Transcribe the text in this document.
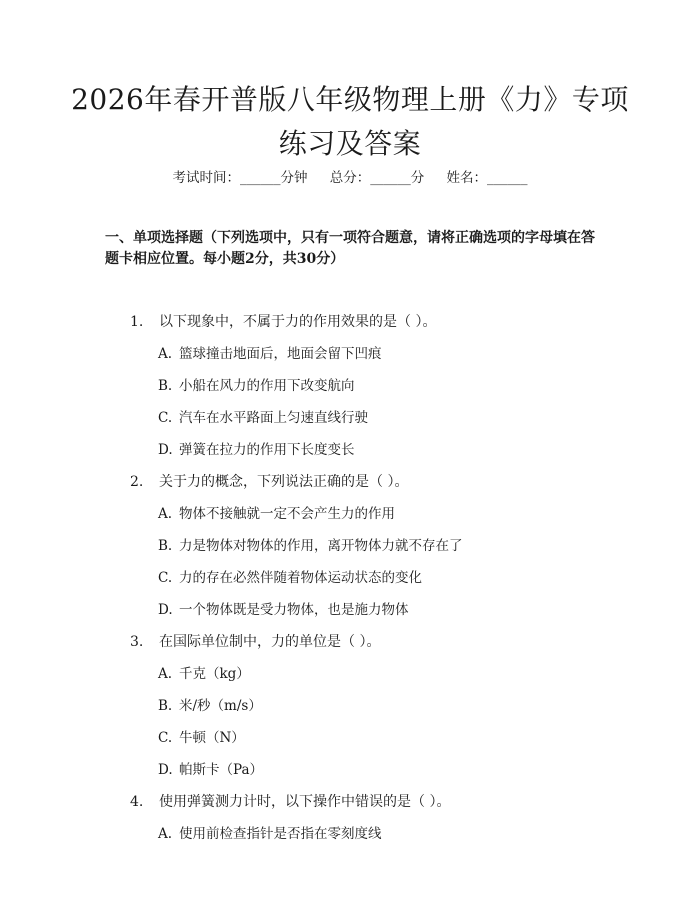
2026年春开普版八年级物理上册《力》专项练习及答案
考试时间：______分钟 总分：______分 姓名：______
一、单项选择题（下列选项中，只有一项符合题意，请将正确选项的字母填在答题卡相应位置。每小题2分，共30分）
1. 以下现象中，不属于力的作用效果的是（ ）。
A. 篮球撞击地面后，地面会留下凹痕
B. 小船在风力的作用下改变航向
C. 汽车在水平路面上匀速直线行驶
D. 弹簧在拉力的作用下长度变长
2. 关于力的概念，下列说法正确的是（ ）。
A. 物体不接触就一定不会产生力的作用
B. 力是物体对物体的作用，离开物体力就不存在了
C. 力的存在必然伴随着物体运动状态的变化
D. 一个物体既是受力物体，也是施力物体
3. 在国际单位制中，力的单位是（ ）。
A. 千克（kg）
B. 米/秒（m/s）
C. 牛顿（N）
D. 帕斯卡（Pa）
4. 使用弹簧测力计时，以下操作中错误的是（ ）。
A. 使用前检查指针是否指在零刻度线
